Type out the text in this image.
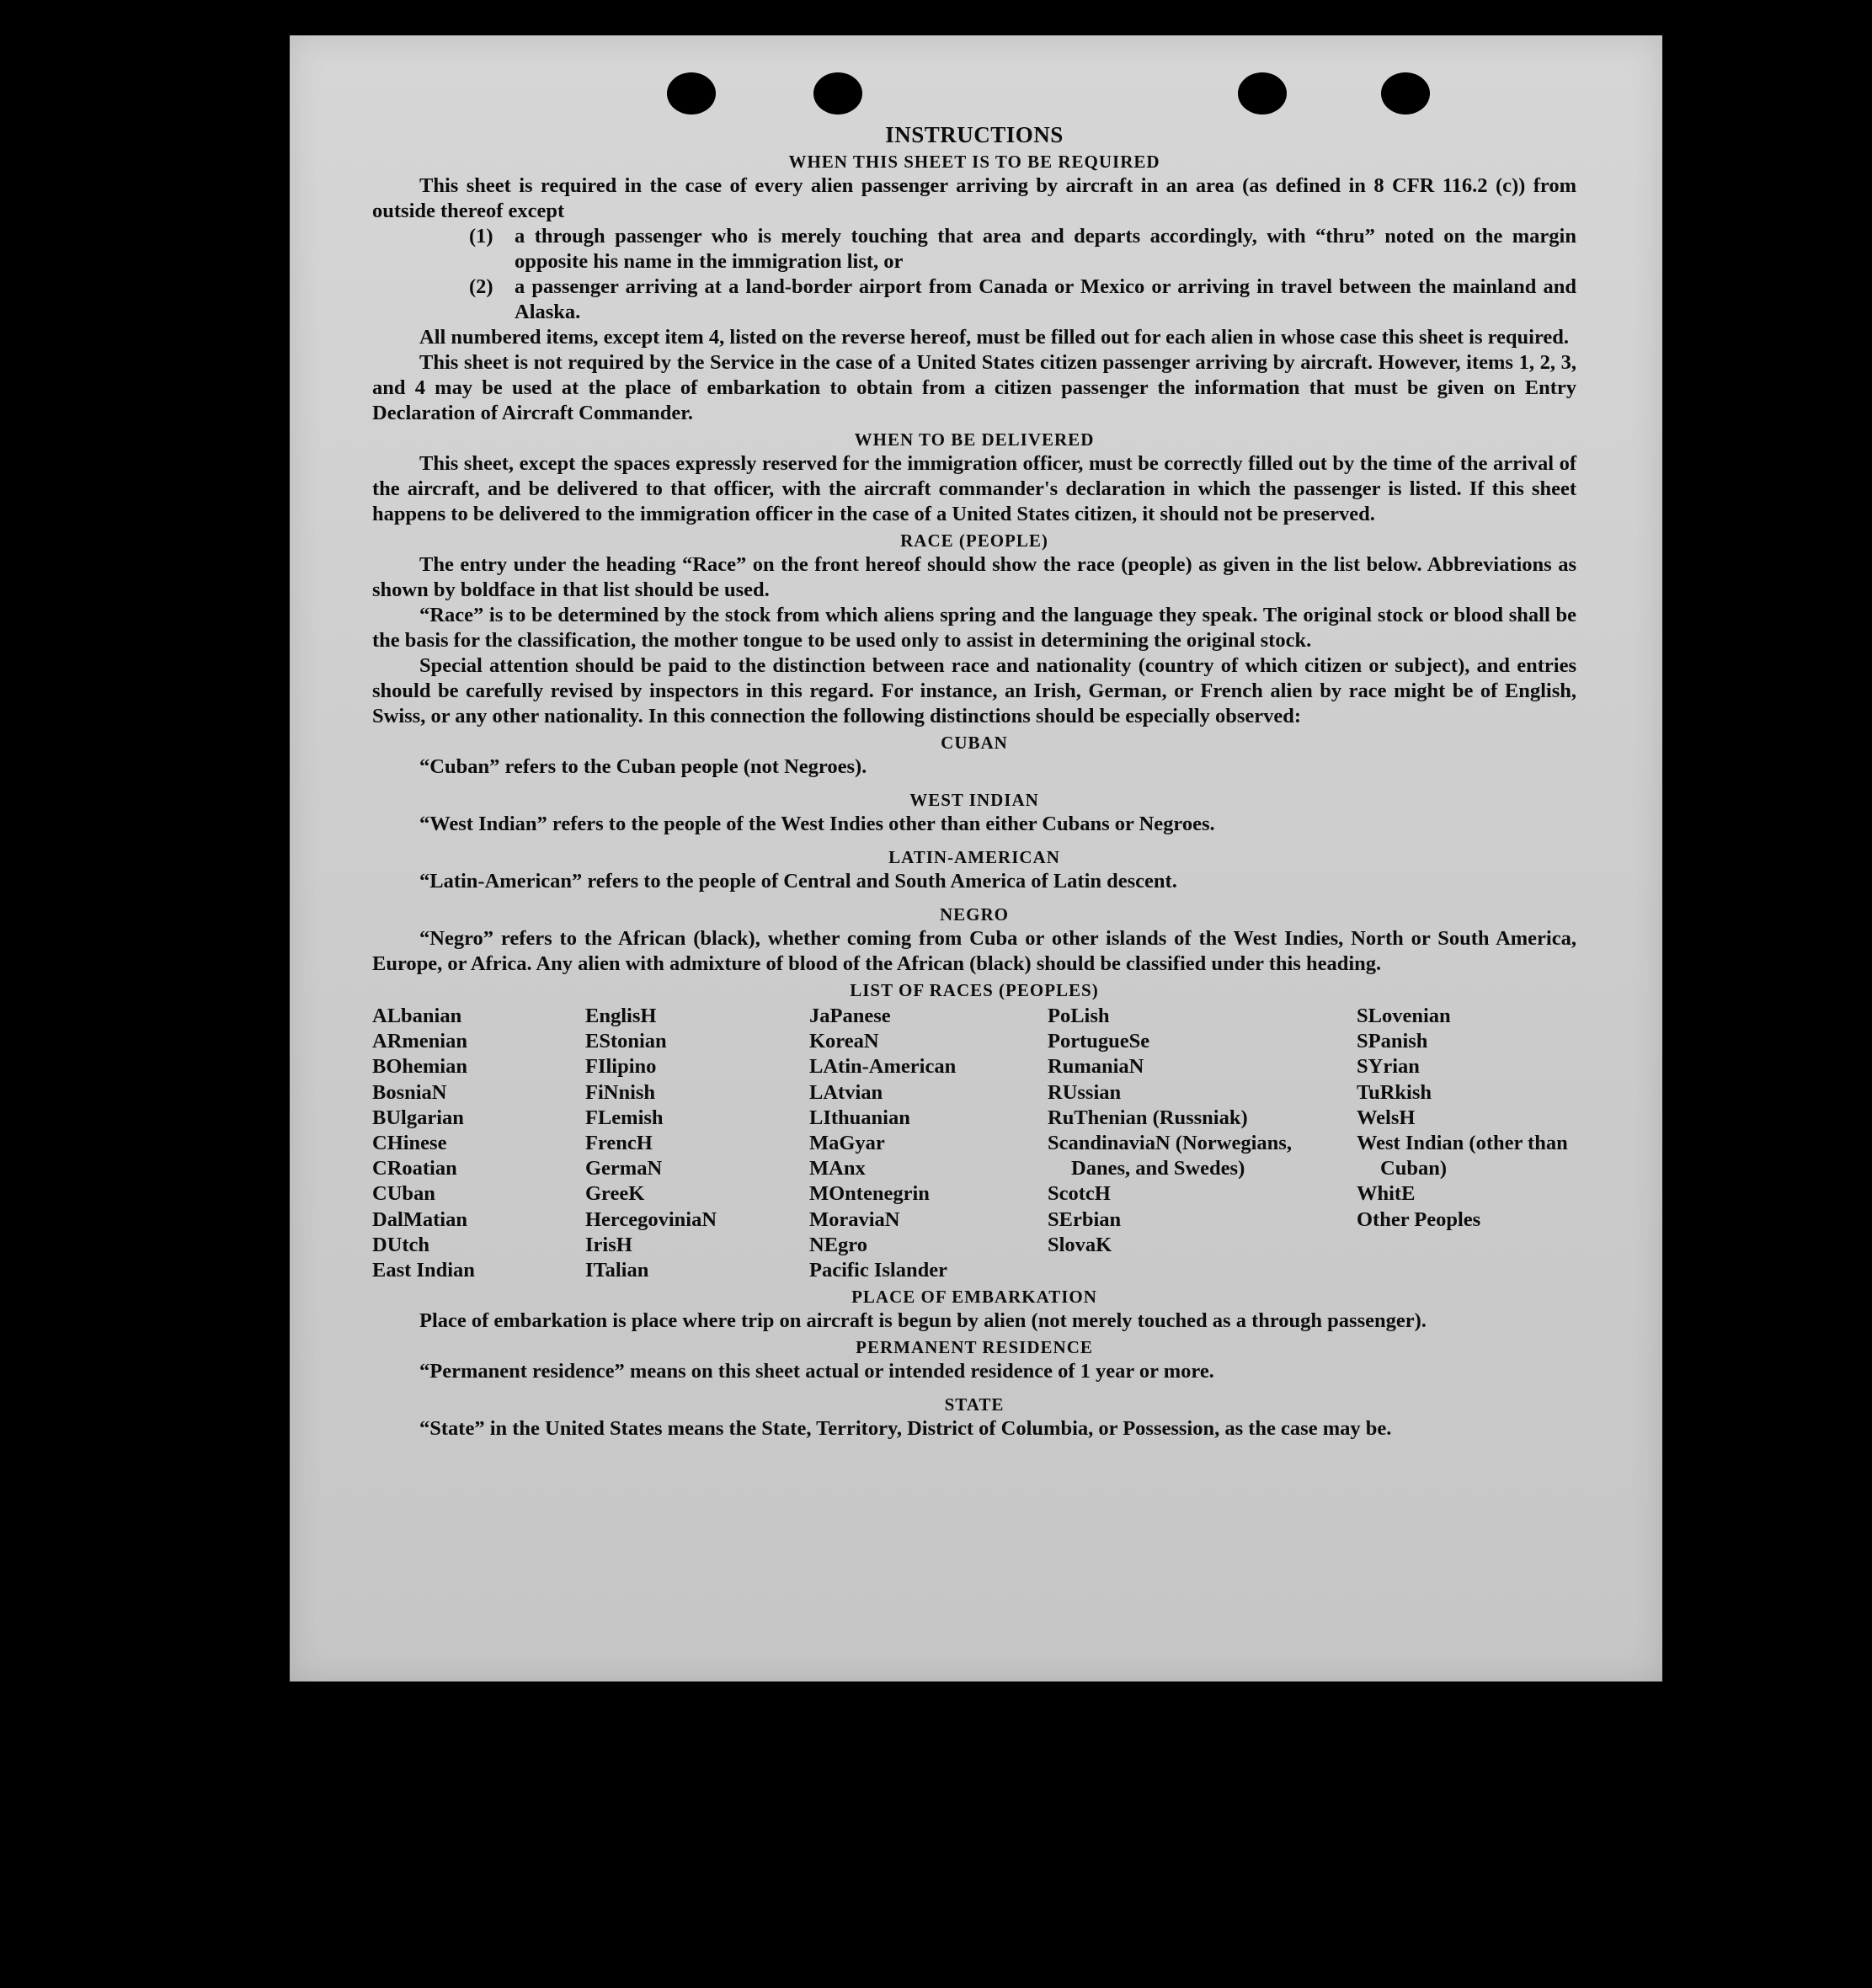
INSTRUCTIONS
WHEN THIS SHEET IS TO BE REQUIRED

This sheet is required in the case of every alien passenger arriving by aircraft in an area (as defined in 8 CFR 116.2 (c)) from outside thereof except

(1)	a through passenger who is merely touching that area and departs accordingly, with “thru” noted on the margin opposite his name in the immigration list, or
(2)	a passenger arriving at a land-border airport from Canada or Mexico or arriving in travel between the mainland and Alaska.

All numbered items, except item 4, listed on the reverse hereof, must be filled out for each alien in whose case this sheet is required.

This sheet is not required by the Service in the case of a United States citizen passenger arriving by aircraft. However, items 1, 2, 3, and 4 may be used at the place of embarkation to obtain from a citizen passenger the information that must be given on Entry Declaration of Aircraft Commander.

WHEN TO BE DELIVERED

This sheet, except the spaces expressly reserved for the immigration officer, must be correctly filled out by the time of the arrival of the aircraft, and be delivered to that officer, with the aircraft commander's declaration in which the passenger is listed. If this sheet happens to be delivered to the immigration officer in the case of a United States citizen, it should not be preserved.

RACE (PEOPLE)

The entry under the heading “Race” on the front hereof should show the race (people) as given in the list below. Abbreviations as shown by boldface in that list should be used.

“Race” is to be determined by the stock from which aliens spring and the language they speak. The original stock or blood shall be the basis for the classification, the mother tongue to be used only to assist in determining the original stock.

Special attention should be paid to the distinction between race and nationality (country of which citizen or subject), and entries should be carefully revised by inspectors in this regard. For instance, an Irish, German, or French alien by race might be of English, Swiss, or any other nationality. In this connection the following distinctions should be especially observed:

CUBAN

“Cuban” refers to the Cuban people (not Negroes).

WEST INDIAN

“West Indian” refers to the people of the West Indies other than either Cubans or Negroes.

LATIN-AMERICAN

“Latin-American” refers to the people of Central and South America of Latin descent.

NEGRO

“Negro” refers to the African (black), whether coming from Cuba or other islands of the West Indies, North or South America, Europe, or Africa. Any alien with admixture of blood of the African (black) should be classified under this heading.

LIST OF RACES (PEOPLES)
ALbanian
ARmenian
BOhemian
BosniaN
BUlgarian
CHinese
CRoatian
CUban
DalMatian
DUtch
East Indian
EnglisH
EStonian
FIlipino
FiNnish
FLemish
FrencH
GermaN
GreeK
HercegoviniaN
IrisH
ITalian
JaPanese
KoreaN
LAtin-American
LAtvian
LIthuanian
MaGyar
MAnx
MOntenegrin
MoraviaN
NEgro
Pacific Islander
PoLish
PortugueSe
RumaniaN
RUssian
RuThenian (Russniak)
ScandinaviaN (Norwegians, Danes, and Swedes)
ScotcH
SErbian
SlovaK
SLovenian
SPanish
SYrian
TuRkish
WelsH
West Indian (other than Cuban)
WhitE
Other Peoples
PLACE OF EMBARKATION

Place of embarkation is place where trip on aircraft is begun by alien (not merely touched as a through passenger).

PERMANENT RESIDENCE

“Permanent residence” means on this sheet actual or intended residence of 1 year or more.

STATE

“State” in the United States means the State, Territory, District of Columbia, or Possession, as the case may be.
